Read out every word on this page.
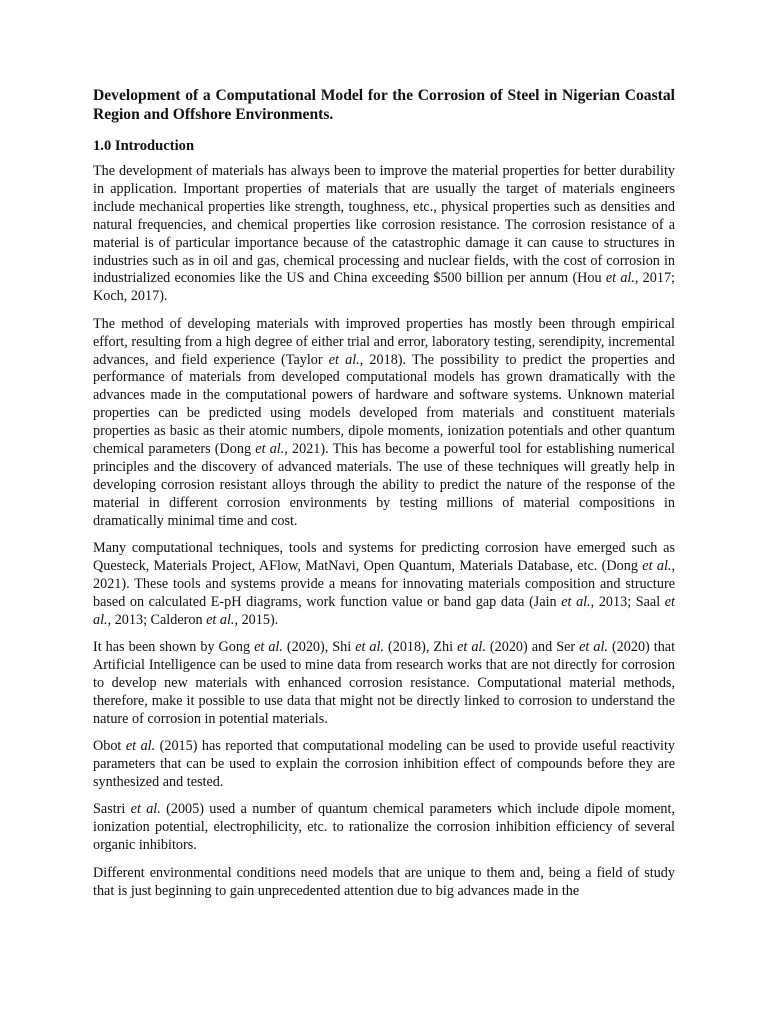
Development of a Computational Model for the Corrosion of Steel in Nigerian Coastal Region and Offshore Environments.
1.0 Introduction

The development of materials has always been to improve the material properties for better durability in application. Important properties of materials that are usually the target of materials engineers include mechanical properties like strength, toughness, etc., physical properties such as densities and natural frequencies, and chemical properties like corrosion resistance. The corrosion resistance of a material is of particular importance because of the catastrophic damage it can cause to structures in industries such as in oil and gas, chemical processing and nuclear fields, with the cost of corrosion in industrialized economies like the US and China exceeding $500 billion per annum (Hou et al., 2017; Koch, 2017).

The method of developing materials with improved properties has mostly been through empirical effort, resulting from a high degree of either trial and error, laboratory testing, serendipity, incremental advances, and field experience (Taylor et al., 2018). The possibility to predict the properties and performance of materials from developed computational models has grown dramatically with the advances made in the computational powers of hardware and software systems. Unknown material properties can be predicted using models developed from materials and constituent materials properties as basic as their atomic numbers, dipole moments, ionization potentials and other quantum chemical parameters (Dong et al., 2021). This has become a powerful tool for establishing numerical principles and the discovery of advanced materials. The use of these techniques will greatly help in developing corrosion resistant alloys through the ability to predict the nature of the response of the material in different corrosion environments by testing millions of material compositions in dramatically minimal time and cost.

Many computational techniques, tools and systems for predicting corrosion have emerged such as Questeck, Materials Project, AFlow, MatNavi, Open Quantum, Materials Database, etc. (Dong et al., 2021). These tools and systems provide a means for innovating materials composition and structure based on calculated E-pH diagrams, work function value or band gap data (Jain et al., 2013; Saal et al., 2013; Calderon et al., 2015).

It has been shown by Gong et al. (2020), Shi et al. (2018), Zhi et al. (2020) and Ser et al. (2020) that Artificial Intelligence can be used to mine data from research works that are not directly for corrosion to develop new materials with enhanced corrosion resistance. Computational material methods, therefore, make it possible to use data that might not be directly linked to corrosion to understand the nature of corrosion in potential materials.

Obot et al. (2015) has reported that computational modeling can be used to provide useful reactivity parameters that can be used to explain the corrosion inhibition effect of compounds before they are synthesized and tested.

Sastri et al. (2005) used a number of quantum chemical parameters which include dipole moment, ionization potential, electrophilicity, etc. to rationalize the corrosion inhibition efficiency of several organic inhibitors.

Different environmental conditions need models that are unique to them and, being a field of study that is just beginning to gain unprecedented attention due to big advances made in the
